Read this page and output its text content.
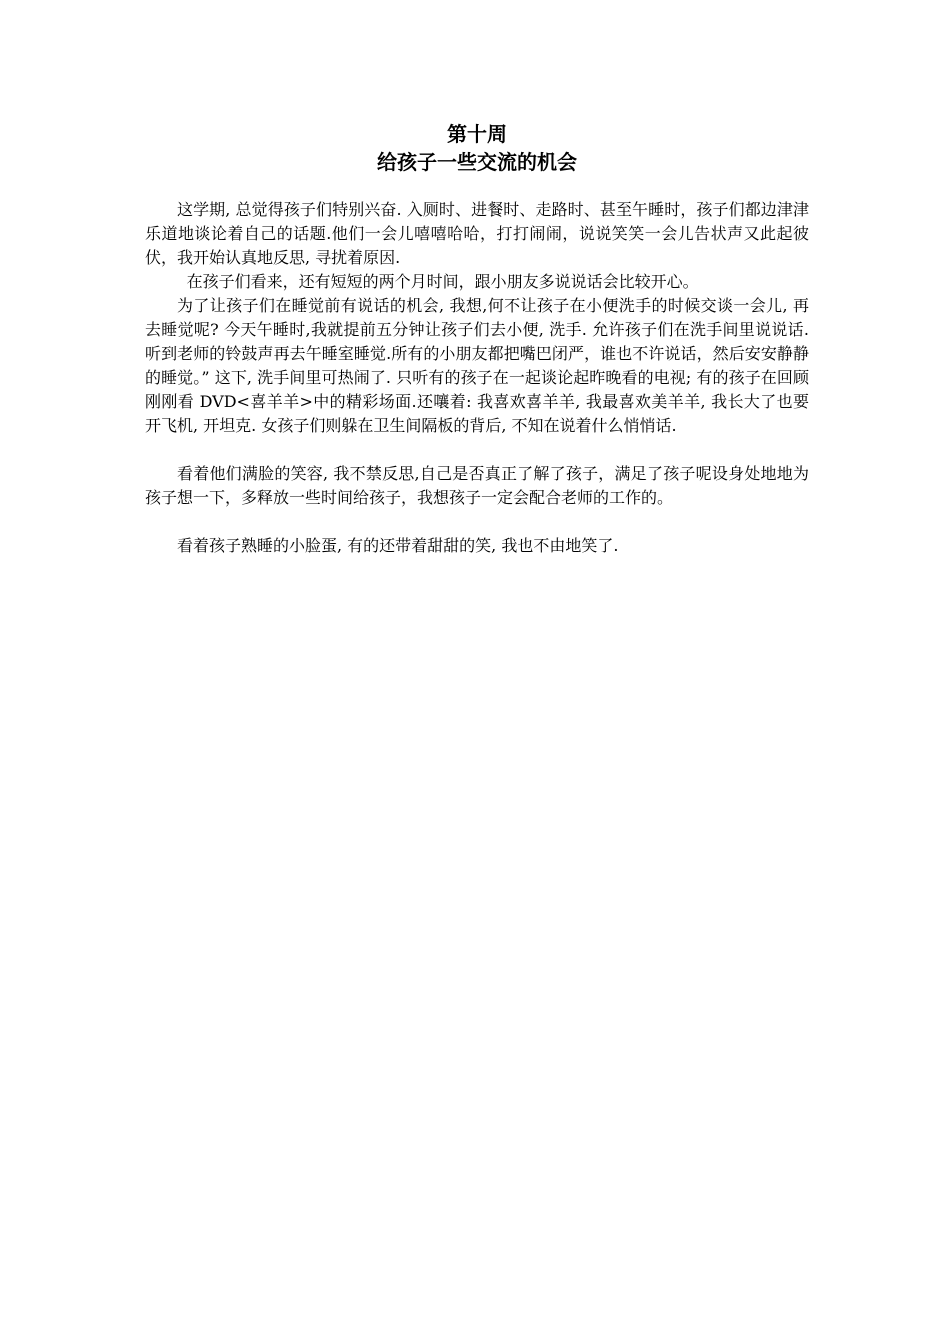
第十周
给孩子一些交流的机会

这学期, 总觉得孩子们特别兴奋. 入厕时、进餐时、走路时、甚至午睡时，孩子们都边津津乐道地谈论着自己的话题.他们一会儿嘻嘻哈哈，打打闹闹，说说笑笑一会儿告状声又此起彼伏，我开始认真地反思, 寻扰着原因.

在孩子们看来，还有短短的两个月时间，跟小朋友多说说话会比较开心。

为了让孩子们在睡觉前有说话的机会, 我想,何不让孩子在小便洗手的时候交谈一会儿, 再去睡觉呢? 今天午睡时,我就提前五分钟让孩子们去小便, 洗手. 允许孩子们在洗手间里说说话. 听到老师的铃鼓声再去午睡室睡觉.所有的小朋友都把嘴巴闭严，谁也不许说话，然后安安静静的睡觉。” 这下, 洗手间里可热闹了. 只听有的孩子在一起谈论起昨晚看的电视; 有的孩子在回顾刚刚看 DVD<喜羊羊>中的精彩场面.还嚷着: 我喜欢喜羊羊, 我最喜欢美羊羊, 我长大了也要开飞机, 开坦克. 女孩子们则躲在卫生间隔板的背后, 不知在说着什么悄悄话.

看着他们满脸的笑容, 我不禁反思,自己是否真正了解了孩子，满足了孩子呢设身处地地为孩子想一下，多释放一些时间给孩子，我想孩子一定会配合老师的工作的。

看着孩子熟睡的小脸蛋, 有的还带着甜甜的笑, 我也不由地笑了.
